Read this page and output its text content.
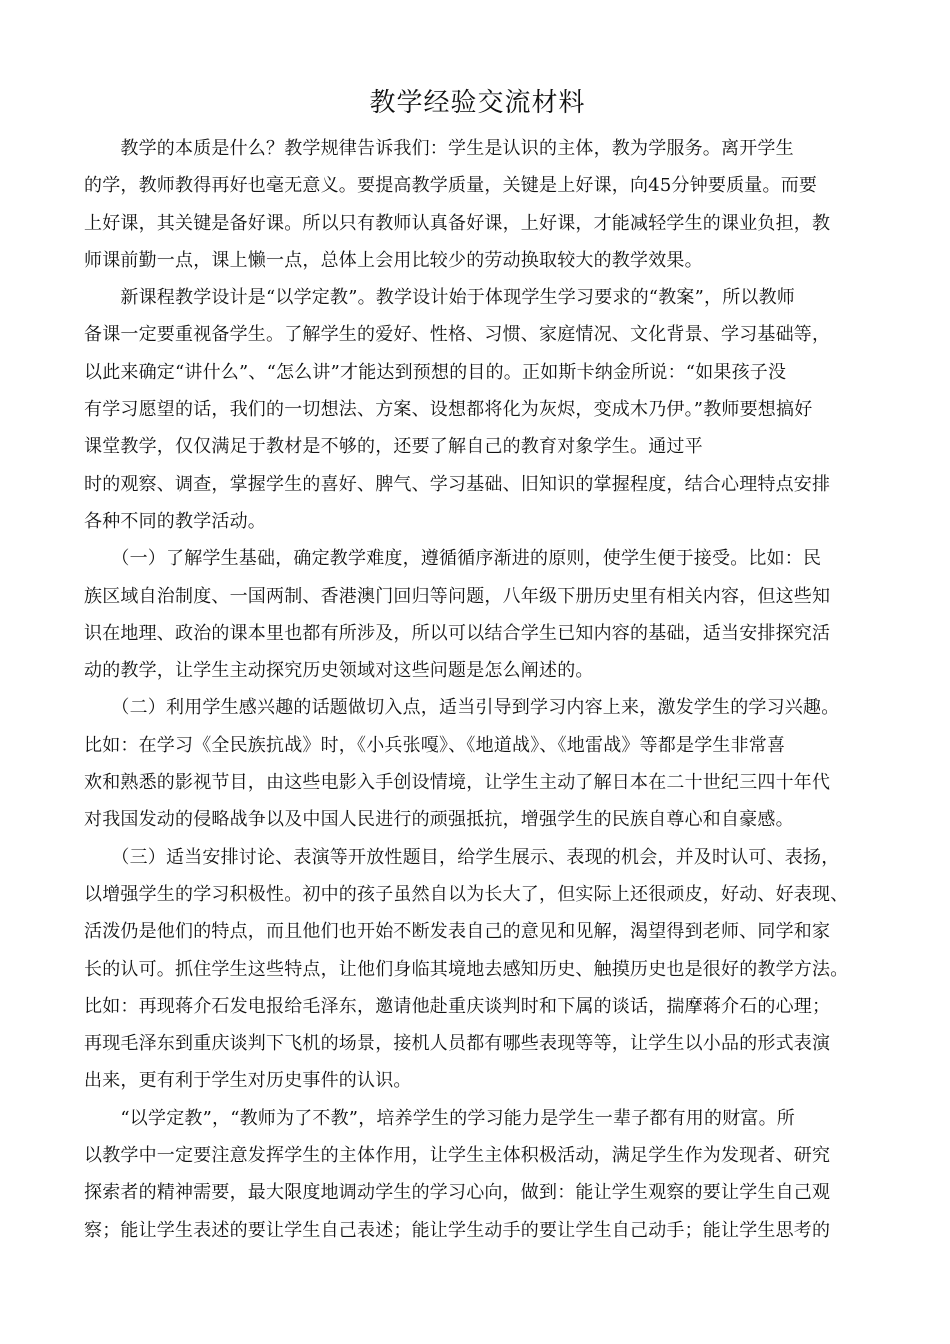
教学经验交流材料

　　教学的本质是什么？教学规律告诉我们：学生是认识的主体，教为学服务。离开学生
的学，教师教得再好也毫无意义。要提高教学质量，关键是上好课，向45分钟要质量。而要
上好课，其关键是备好课。所以只有教师认真备好课，上好课，才能减轻学生的课业负担，教
师课前勤一点，课上懒一点，总体上会用比较少的劳动换取较大的教学效果。

　　新课程教学设计是“以学定教”。教学设计始于体现学生学习要求的“教案”，所以教师
备课一定要重视备学生。了解学生的爱好、性格、习惯、家庭情况、文化背景、学习基础等，
以此来确定“讲什么”、“怎么讲”才能达到预想的目的。正如斯卡纳金所说：“如果孩子没
有学习愿望的话，我们的一切想法、方案、设想都将化为灰烬，变成木乃伊。”教师要想搞好
课堂教学，仅仅满足于教材是不够的，还要了解自己的教育对象学生。通过平
时的观察、调查，掌握学生的喜好、脾气、学习基础、旧知识的掌握程度，结合心理特点安排
各种不同的教学活动。

　　（一）了解学生基础，确定教学难度，遵循循序渐进的原则，使学生便于接受。比如：民
族区域自治制度、一国两制、香港澳门回归等问题，八年级下册历史里有相关内容，但这些知
识在地理、政治的课本里也都有所涉及，所以可以结合学生已知内容的基础，适当安排探究活
动的教学，让学生主动探究历史领域对这些问题是怎么阐述的。

　　（二）利用学生感兴趣的话题做切入点，适当引导到学习内容上来，激发学生的学习兴趣。
比如：在学习《全民族抗战》时，《小兵张嘎》、《地道战》、《地雷战》等都是学生非常喜
欢和熟悉的影视节目，由这些电影入手创设情境，让学生主动了解日本在二十世纪三四十年代
对我国发动的侵略战争以及中国人民进行的顽强抵抗，增强学生的民族自尊心和自豪感。

　　（三）适当安排讨论、表演等开放性题目，给学生展示、表现的机会，并及时认可、表扬，
以增强学生的学习积极性。初中的孩子虽然自以为长大了，但实际上还很顽皮，好动、好表现、
活泼仍是他们的特点，而且他们也开始不断发表自己的意见和见解，渴望得到老师、同学和家
长的认可。抓住学生这些特点，让他们身临其境地去感知历史、触摸历史也是很好的教学方法。
比如：再现蒋介石发电报给毛泽东，邀请他赴重庆谈判时和下属的谈话，揣摩蒋介石的心理；
再现毛泽东到重庆谈判下飞机的场景，接机人员都有哪些表现等等，让学生以小品的形式表演
出来，更有利于学生对历史事件的认识。

　　“以学定教”，“教师为了不教”，培养学生的学习能力是学生一辈子都有用的财富。所
以教学中一定要注意发挥学生的主体作用，让学生主体积极活动，满足学生作为发现者、研究
探索者的精神需要，最大限度地调动学生的学习心向，做到：能让学生观察的要让学生自己观
察；能让学生表述的要让学生自己表述；能让学生动手的要让学生自己动手；能让学生思考的
